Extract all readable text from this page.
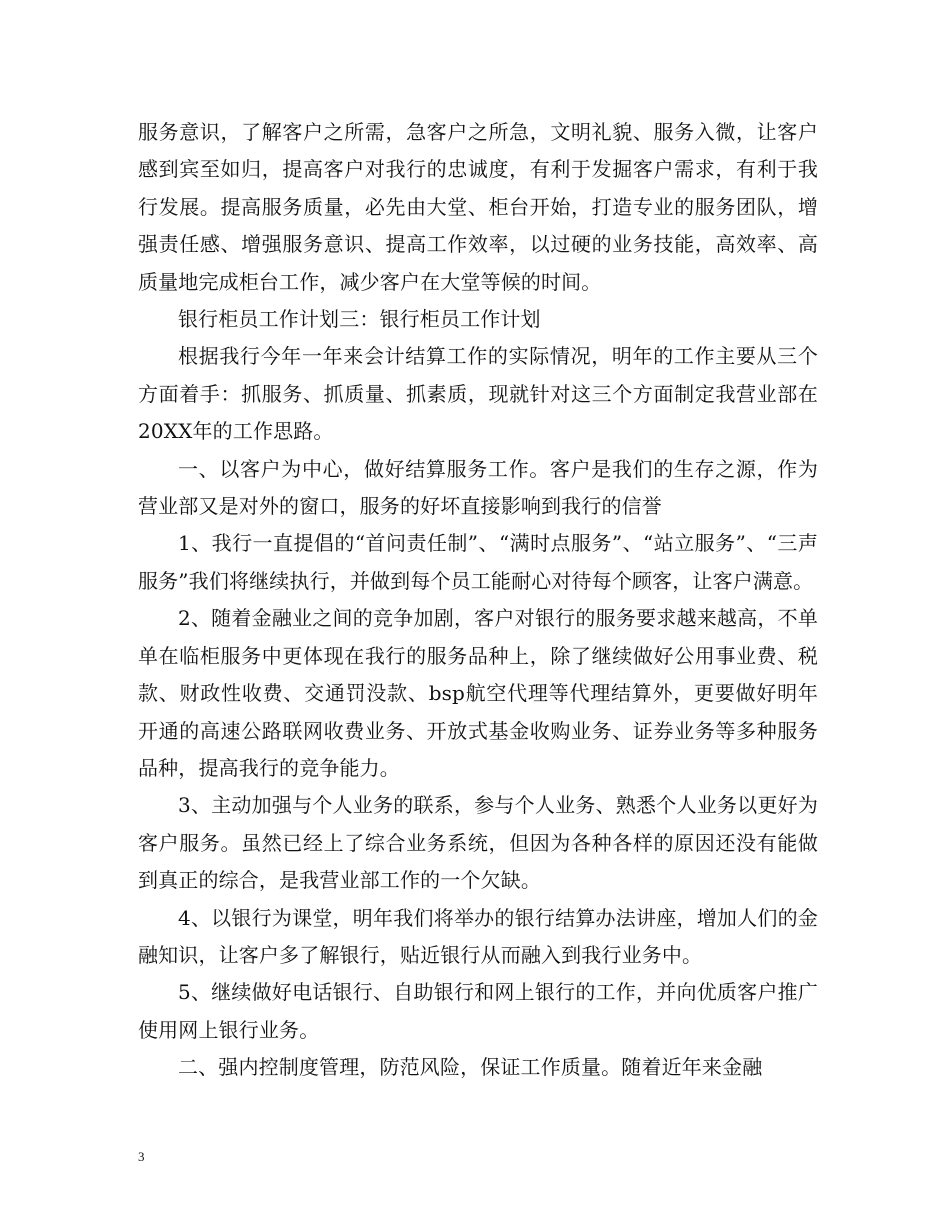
服务意识，了解客户之所需，急客户之所急，文明礼貌、服务入微，让客户感到宾至如归，提高客户对我行的忠诚度，有利于发掘客户需求，有利于我行发展。提高服务质量，必先由大堂、柜台开始，打造专业的服务团队，增强责任感、增强服务意识、提高工作效率，以过硬的业务技能，高效率、高质量地完成柜台工作，减少客户在大堂等候的时间。

银行柜员工作计划三：银行柜员工作计划

根据我行今年一年来会计结算工作的实际情况，明年的工作主要从三个方面着手：抓服务、抓质量、抓素质，现就针对这三个方面制定我营业部在20XX年的工作思路。

一、以客户为中心，做好结算服务工作。客户是我们的生存之源，作为营业部又是对外的窗口，服务的好坏直接影响到我行的信誉

1、我行一直提倡的“首问责任制”、“满时点服务”、“站立服务”、“三声服务”我们将继续执行，并做到每个员工能耐心对待每个顾客，让客户满意。

2、随着金融业之间的竞争加剧，客户对银行的服务要求越来越高，不单单在临柜服务中更体现在我行的服务品种上，除了继续做好公用事业费、税款、财政性收费、交通罚没款、bsp航空代理等代理结算外，更要做好明年开通的高速公路联网收费业务、开放式基金收购业务、证券业务等多种服务品种，提高我行的竞争能力。

3、主动加强与个人业务的联系，参与个人业务、熟悉个人业务以更好为客户服务。虽然已经上了综合业务系统，但因为各种各样的原因还没有能做到真正的综合，是我营业部工作的一个欠缺。

4、以银行为课堂，明年我们将举办的银行结算办法讲座，增加人们的金融知识，让客户多了解银行，贴近银行从而融入到我行业务中。

5、继续做好电话银行、自助银行和网上银行的工作，并向优质客户推广使用网上银行业务。

二、强内控制度管理，防范风险，保证工作质量。随着近年来金融

3
